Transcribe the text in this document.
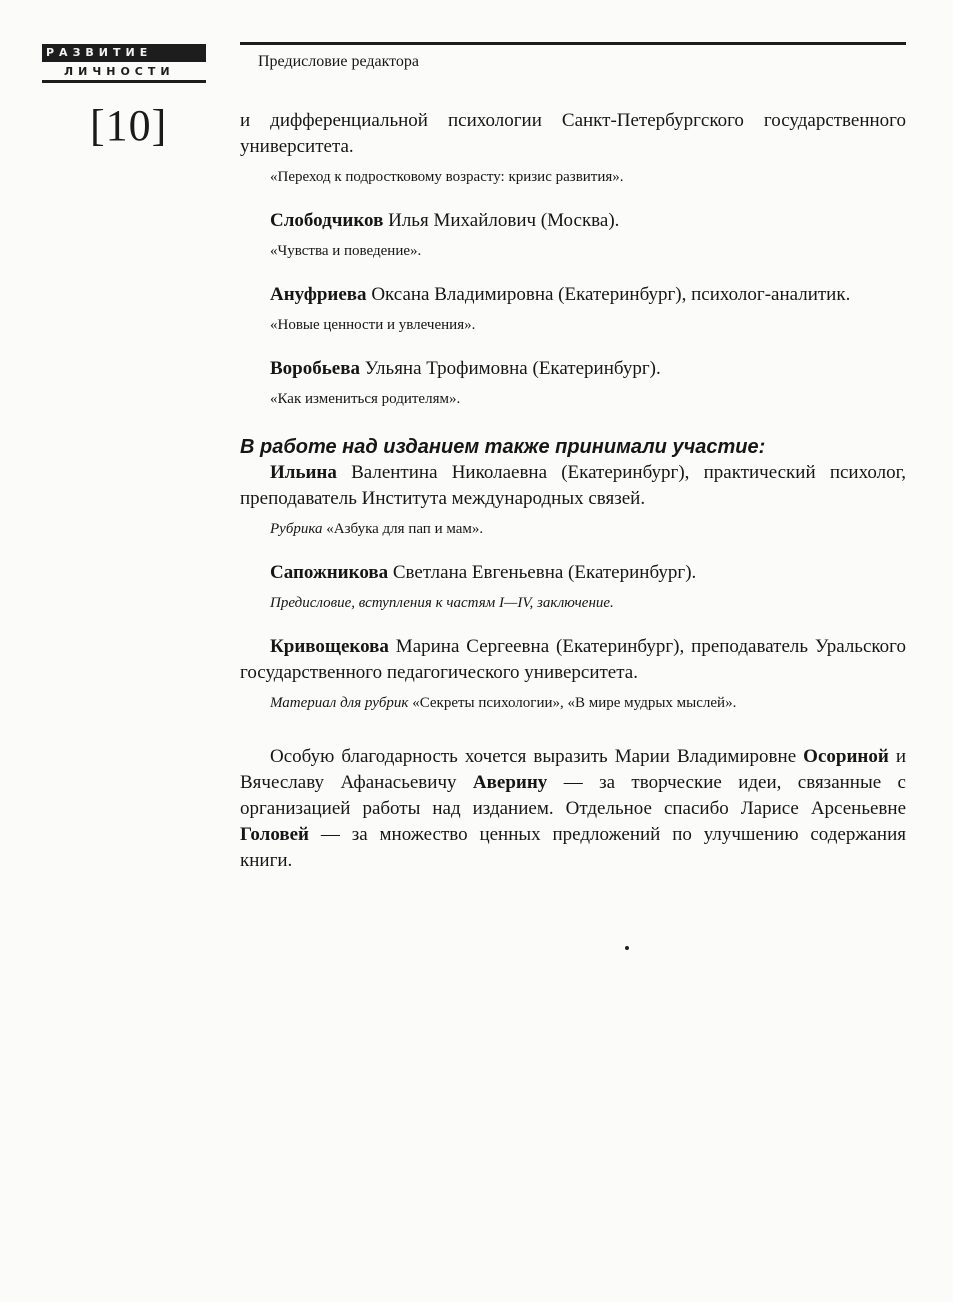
РАЗВИТИЕ
ЛИЧНОСТИ
[10]
Предисловие редактора

и дифференциальной психологии Санкт-Петербургского государственного университета.

«Переход к подростковому возрасту: кризис развития».

Слободчиков Илья Михайлович (Москва).

«Чувства и поведение».

Ануфриева Оксана Владимировна (Екатеринбург), психолог-аналитик.

«Новые ценности и увлечения».

Воробьева Ульяна Трофимовна (Екатеринбург).

«Как измениться родителям».

В работе над изданием также принимали участие:

Ильина Валентина Николаевна (Екатеринбург), практический психолог, преподаватель Института международных связей.

Рубрика «Азбука для пап и мам».

Сапожникова Светлана Евгеньевна (Екатеринбург).

Предисловие, вступления к частям I—IV, заключение.

Кривощекова Марина Сергеевна (Екатеринбург), преподаватель Уральского государственного педагогического университета.

Материал для рубрик «Секреты психологии», «В мире мудрых мыслей».

Особую благодарность хочется выразить Марии Владимировне Осориной и Вячеславу Афанасьевичу Аверину — за творческие идеи, связанные с организацией работы над изданием. Отдельное спасибо Ларисе Арсеньевне Головей — за множество ценных предложений по улучшению содержания книги.
